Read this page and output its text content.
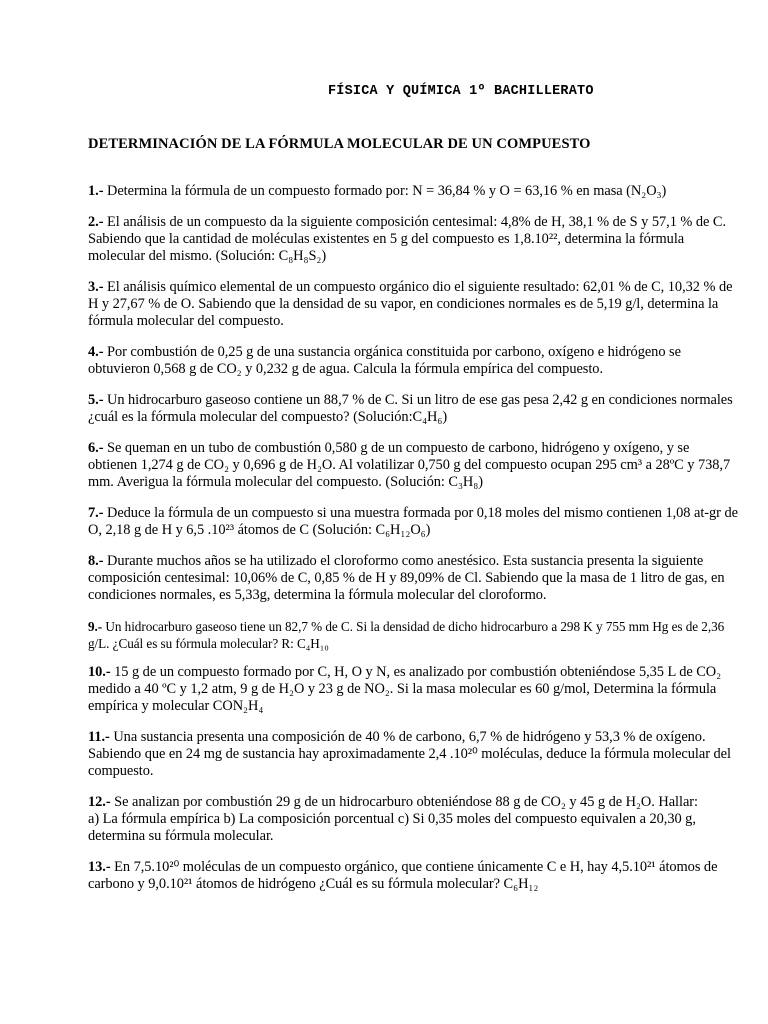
FÍSICA Y QUÍMICA 1º BACHILLERATO
DETERMINACIÓN DE LA FÓRMULA MOLECULAR DE UN COMPUESTO
1.- Determina la fórmula de un compuesto formado por: N = 36,84 % y O = 63,16 % en masa (N₂O₃)
2.- El análisis de un compuesto da la siguiente composición centesimal: 4,8% de H, 38,1 % de S y 57,1 % de C. Sabiendo que la cantidad de moléculas existentes en 5 g del compuesto es 1,8.10²², determina la fórmula molecular del mismo. (Solución: C₈H₈S₂)
3.- El análisis químico elemental de un compuesto orgánico dio el siguiente resultado: 62,01 % de C, 10,32 % de H y 27,67 % de O. Sabiendo que la densidad de su vapor, en condiciones normales es de 5,19 g/l, determina la fórmula molecular del compuesto.
4.- Por combustión de 0,25 g de una sustancia orgánica constituida por carbono, oxígeno e hidrógeno se obtuvieron 0,568 g de CO₂ y 0,232 g de agua. Calcula la fórmula empírica del compuesto.
5.- Un hidrocarburo gaseoso contiene un 88,7 % de C. Si un litro de ese gas pesa 2,42 g en condiciones normales ¿cuál es la fórmula molecular del compuesto? (Solución:C₄H₆)
6.- Se queman en un tubo de combustión 0,580 g de un compuesto de carbono, hidrógeno y oxígeno, y se obtienen 1,274 g de CO₂ y 0,696 g de H₂O. Al volatilizar 0,750 g del compuesto ocupan 295 cm³ a 28ºC y 738,7 mm. Averigua la fórmula molecular del compuesto. (Solución: C₃H₈)
7.- Deduce la fórmula de un compuesto si una muestra formada por 0,18 moles del mismo contienen 1,08 at-gr de O, 2,18 g de H y 6,5 .10²³ átomos de C (Solución: C₆H₁₂O₆)
8.- Durante muchos años se ha utilizado el cloroformo como anestésico. Esta sustancia presenta la siguiente composición centesimal: 10,06% de C, 0,85 % de H y 89,09% de Cl. Sabiendo que la masa de 1 litro de gas, en condiciones normales, es 5,33g, determina la fórmula molecular del cloroformo.
9.- Un hidrocarburo gaseoso tiene un 82,7 % de C. Si la densidad de dicho hidrocarburo a 298 K y 755 mm Hg es de 2,36 g/L. ¿Cuál es su fórmula molecular? R: C₄H₁₀
10.- 15 g de un compuesto formado por C, H, O y N, es analizado por combustión obteniéndose 5,35 L de CO₂ medido a 40 ºC y 1,2 atm, 9 g de H₂O y 23 g de NO₂. Si la masa molecular es 60 g/mol, Determina la fórmula empírica y molecular CON₂H₄
11.- Una sustancia presenta una composición de 40 % de carbono, 6,7 % de hidrógeno y 53,3 % de oxígeno. Sabiendo que en 24 mg de sustancia hay aproximadamente 2,4 .10²⁰ moléculas, deduce la fórmula molecular del compuesto.
12.- Se analizan por combustión 29 g de un hidrocarburo obteniéndose 88 g de CO₂ y 45 g de H₂O. Hallar:
a) La fórmula empírica b) La composición porcentual c) Si 0,35 moles del compuesto equivalen a 20,30 g, determina su fórmula molecular.
13.- En 7,5.10²⁰ moléculas de un compuesto orgánico, que contiene únicamente C e H, hay 4,5.10²¹ átomos de carbono y 9,0.10²¹ átomos de hidrógeno ¿Cuál es su fórmula molecular? C₆H₁₂
